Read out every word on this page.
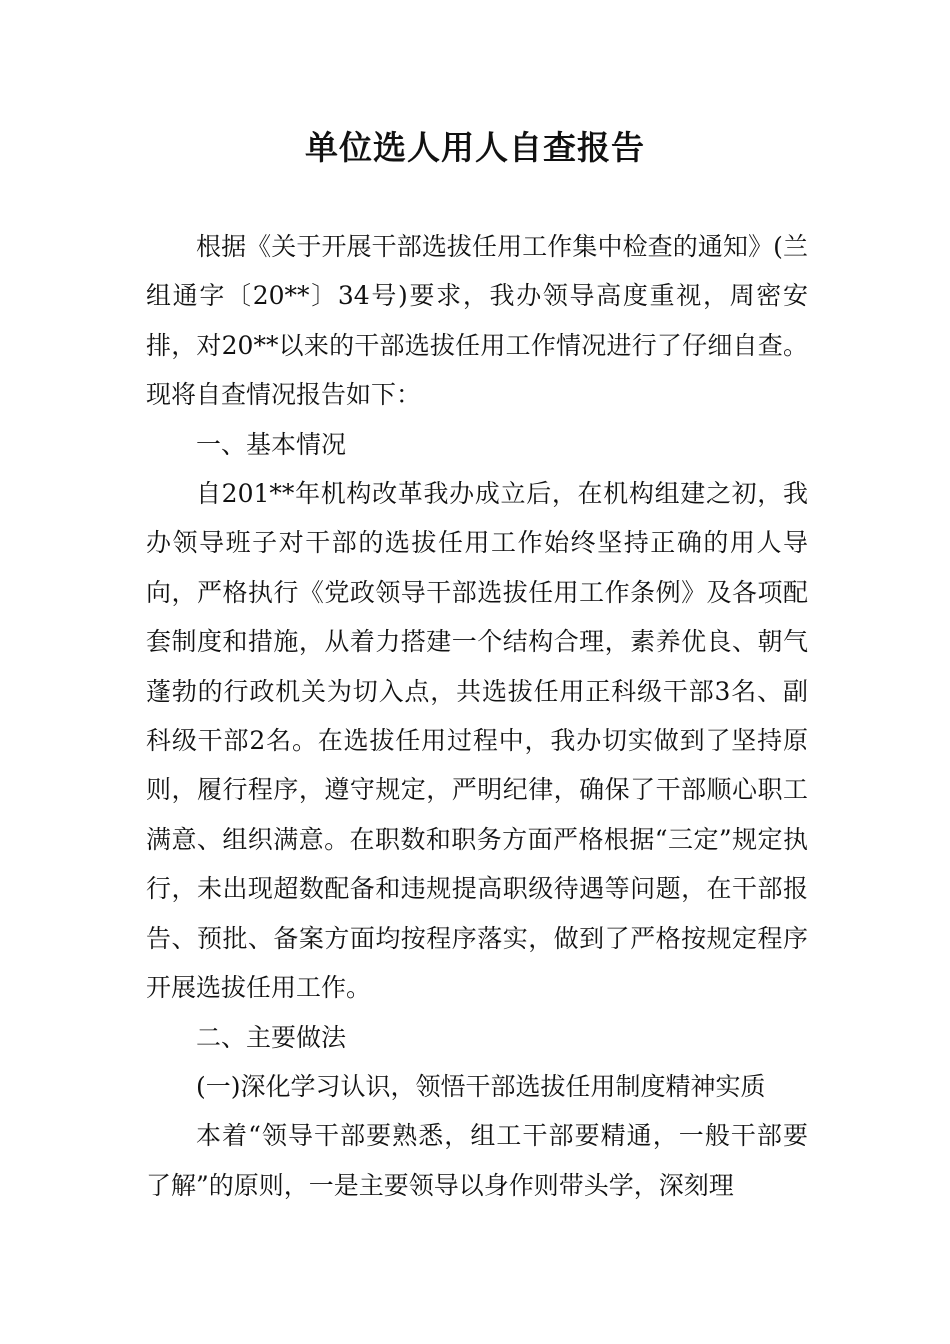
单位选人用人自查报告

根据《关于开展干部选拔任用工作集中检查的通知》(兰组通字〔20**〕34号)要求，我办领导高度重视，周密安排，对20**以来的干部选拔任用工作情况进行了仔细自查。现将自查情况报告如下：

一、基本情况

自201**年机构改革我办成立后，在机构组建之初，我办领导班子对干部的选拔任用工作始终坚持正确的用人导向，严格执行《党政领导干部选拔任用工作条例》及各项配套制度和措施，从着力搭建一个结构合理，素养优良、朝气蓬勃的行政机关为切入点，共选拔任用正科级干部3名、副科级干部2名。在选拔任用过程中，我办切实做到了坚持原则，履行程序，遵守规定，严明纪律，确保了干部顺心职工满意、组织满意。在职数和职务方面严格根据“三定”规定执行，未出现超数配备和违规提高职级待遇等问题，在干部报告、预批、备案方面均按程序落实，做到了严格按规定程序开展选拔任用工作。

二、主要做法

(一)深化学习认识，领悟干部选拔任用制度精神实质

本着“领导干部要熟悉，组工干部要精通，一般干部要了解”的原则，一是主要领导以身作则带头学，深刻理
